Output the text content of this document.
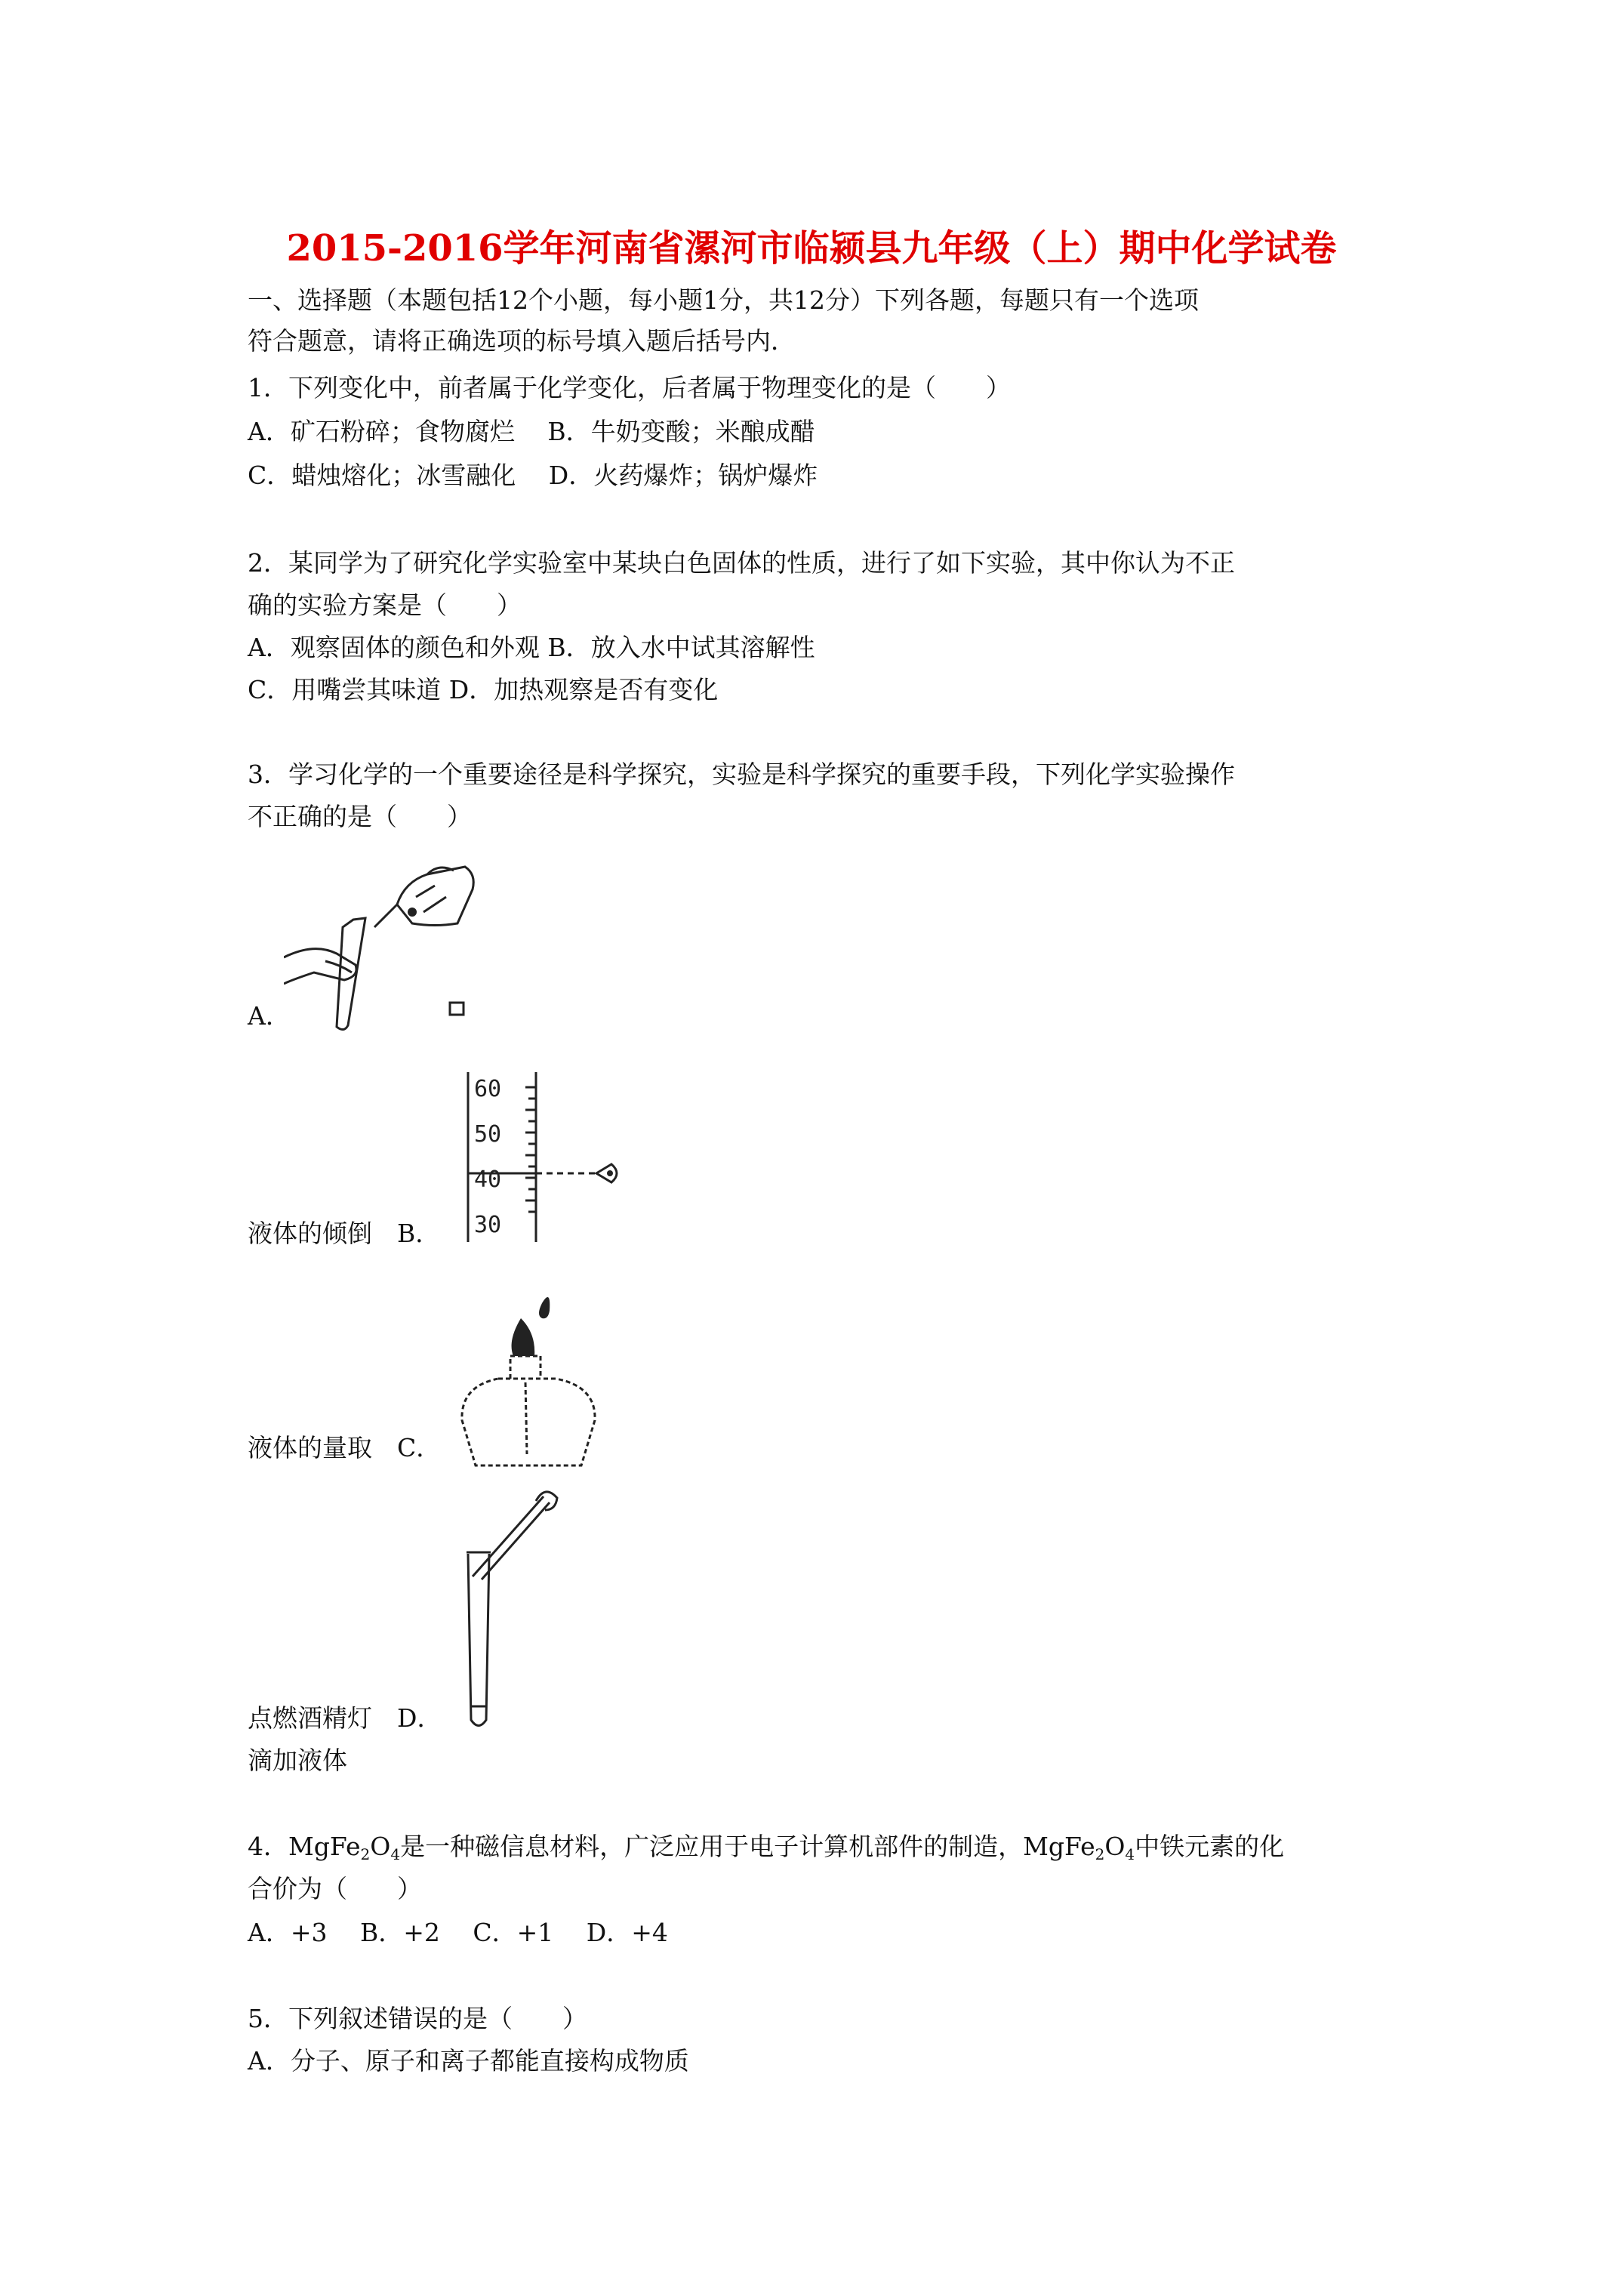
2015-2016学年河南省漯河市临颍县九年级（上）期中化学试卷
一、选择题（本题包括12个小题，每小题1分，共12分）下列各题，每题只有一个选项
符合题意，请将正确选项的标号填入题后括号内．
1．下列变化中，前者属于化学变化，后者属于物理变化的是（　　）
A．矿石粉碎；食物腐烂　 B．牛奶变酸；米酿成醋
C．蜡烛熔化；冰雪融化　 D．火药爆炸；锅炉爆炸
2．某同学为了研究化学实验室中某块白色固体的性质，进行了如下实验，其中你认为不正
确的实验方案是（　　）
A．观察固体的颜色和外观 B．放入水中试其溶解性
C．用嘴尝其味道 D．加热观察是否有变化
3．学习化学的一个重要途径是科学探究，实验是科学探究的重要手段，下列化学实验操作
不正确的是（　　）
A．
60
50
40
30
液体的倾倒　B．
液体的量取　C．
点燃酒精灯　D．
滴加液体
4．$MgFe_2O_4$是一种磁信息材料，广泛应用于电子计算机部件的制造，$MgFe_2O_4$中铁元素的化
合价为（　　）
A．+3　 B．+2　 C．+1　 D．+4
5．下列叙述错误的是（　　）
A．分子、原子和离子都能直接构成物质
